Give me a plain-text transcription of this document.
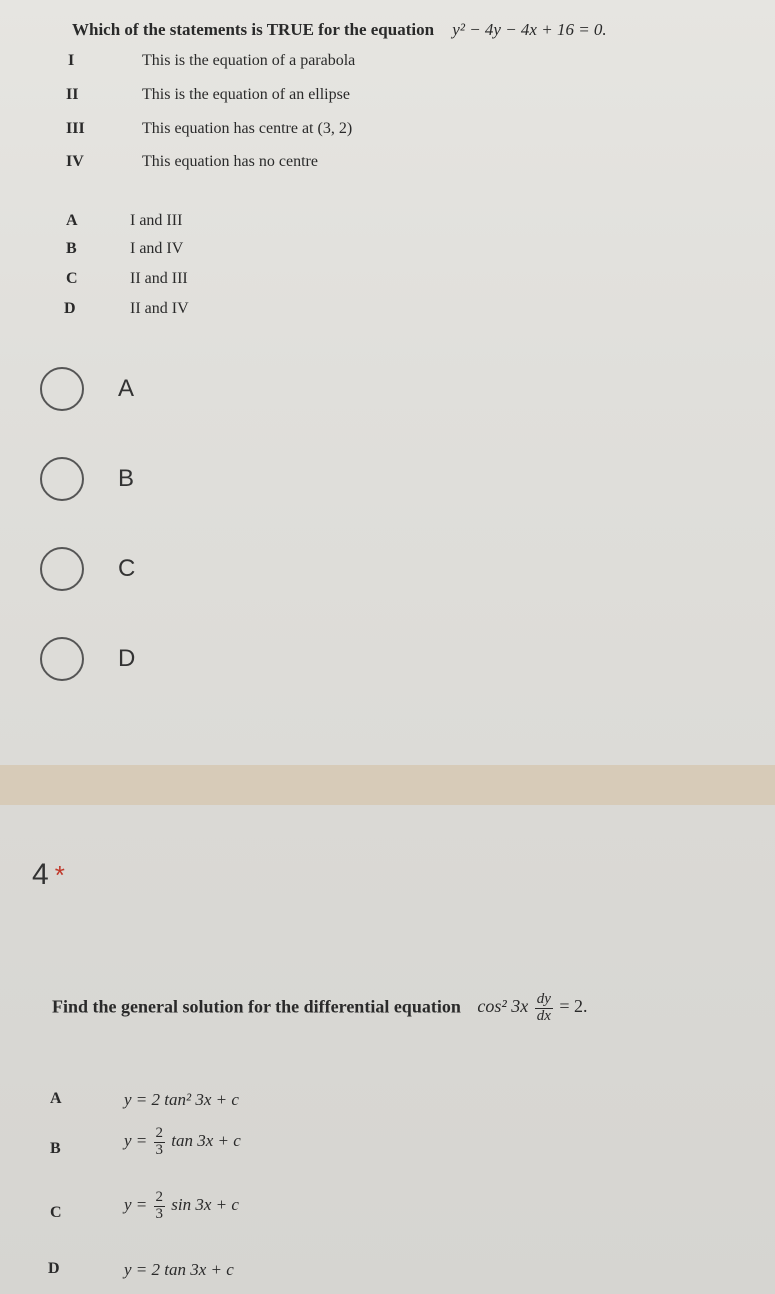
Which of the statements is TRUE for the equation y² − 4y − 4x + 16 = 0.
I	This is the equation of a parabola
II	This is the equation of an ellipse
III	This equation has centre at (3, 2)
IV	This equation has no centre
A	I and III
B	I and IV
C	II and III
D	II and IV
A
B
C
D
4 *
Find the general solution for the differential equation cos² $3x \frac{dy}{dx} = 2$.
A	y = 2 tan² 3x + c
B	$y = \frac{2}{3}$ tan 3x + c
C	$y = \frac{2}{3}$ sin 3x + c
D	y = 2 tan 3x + c
